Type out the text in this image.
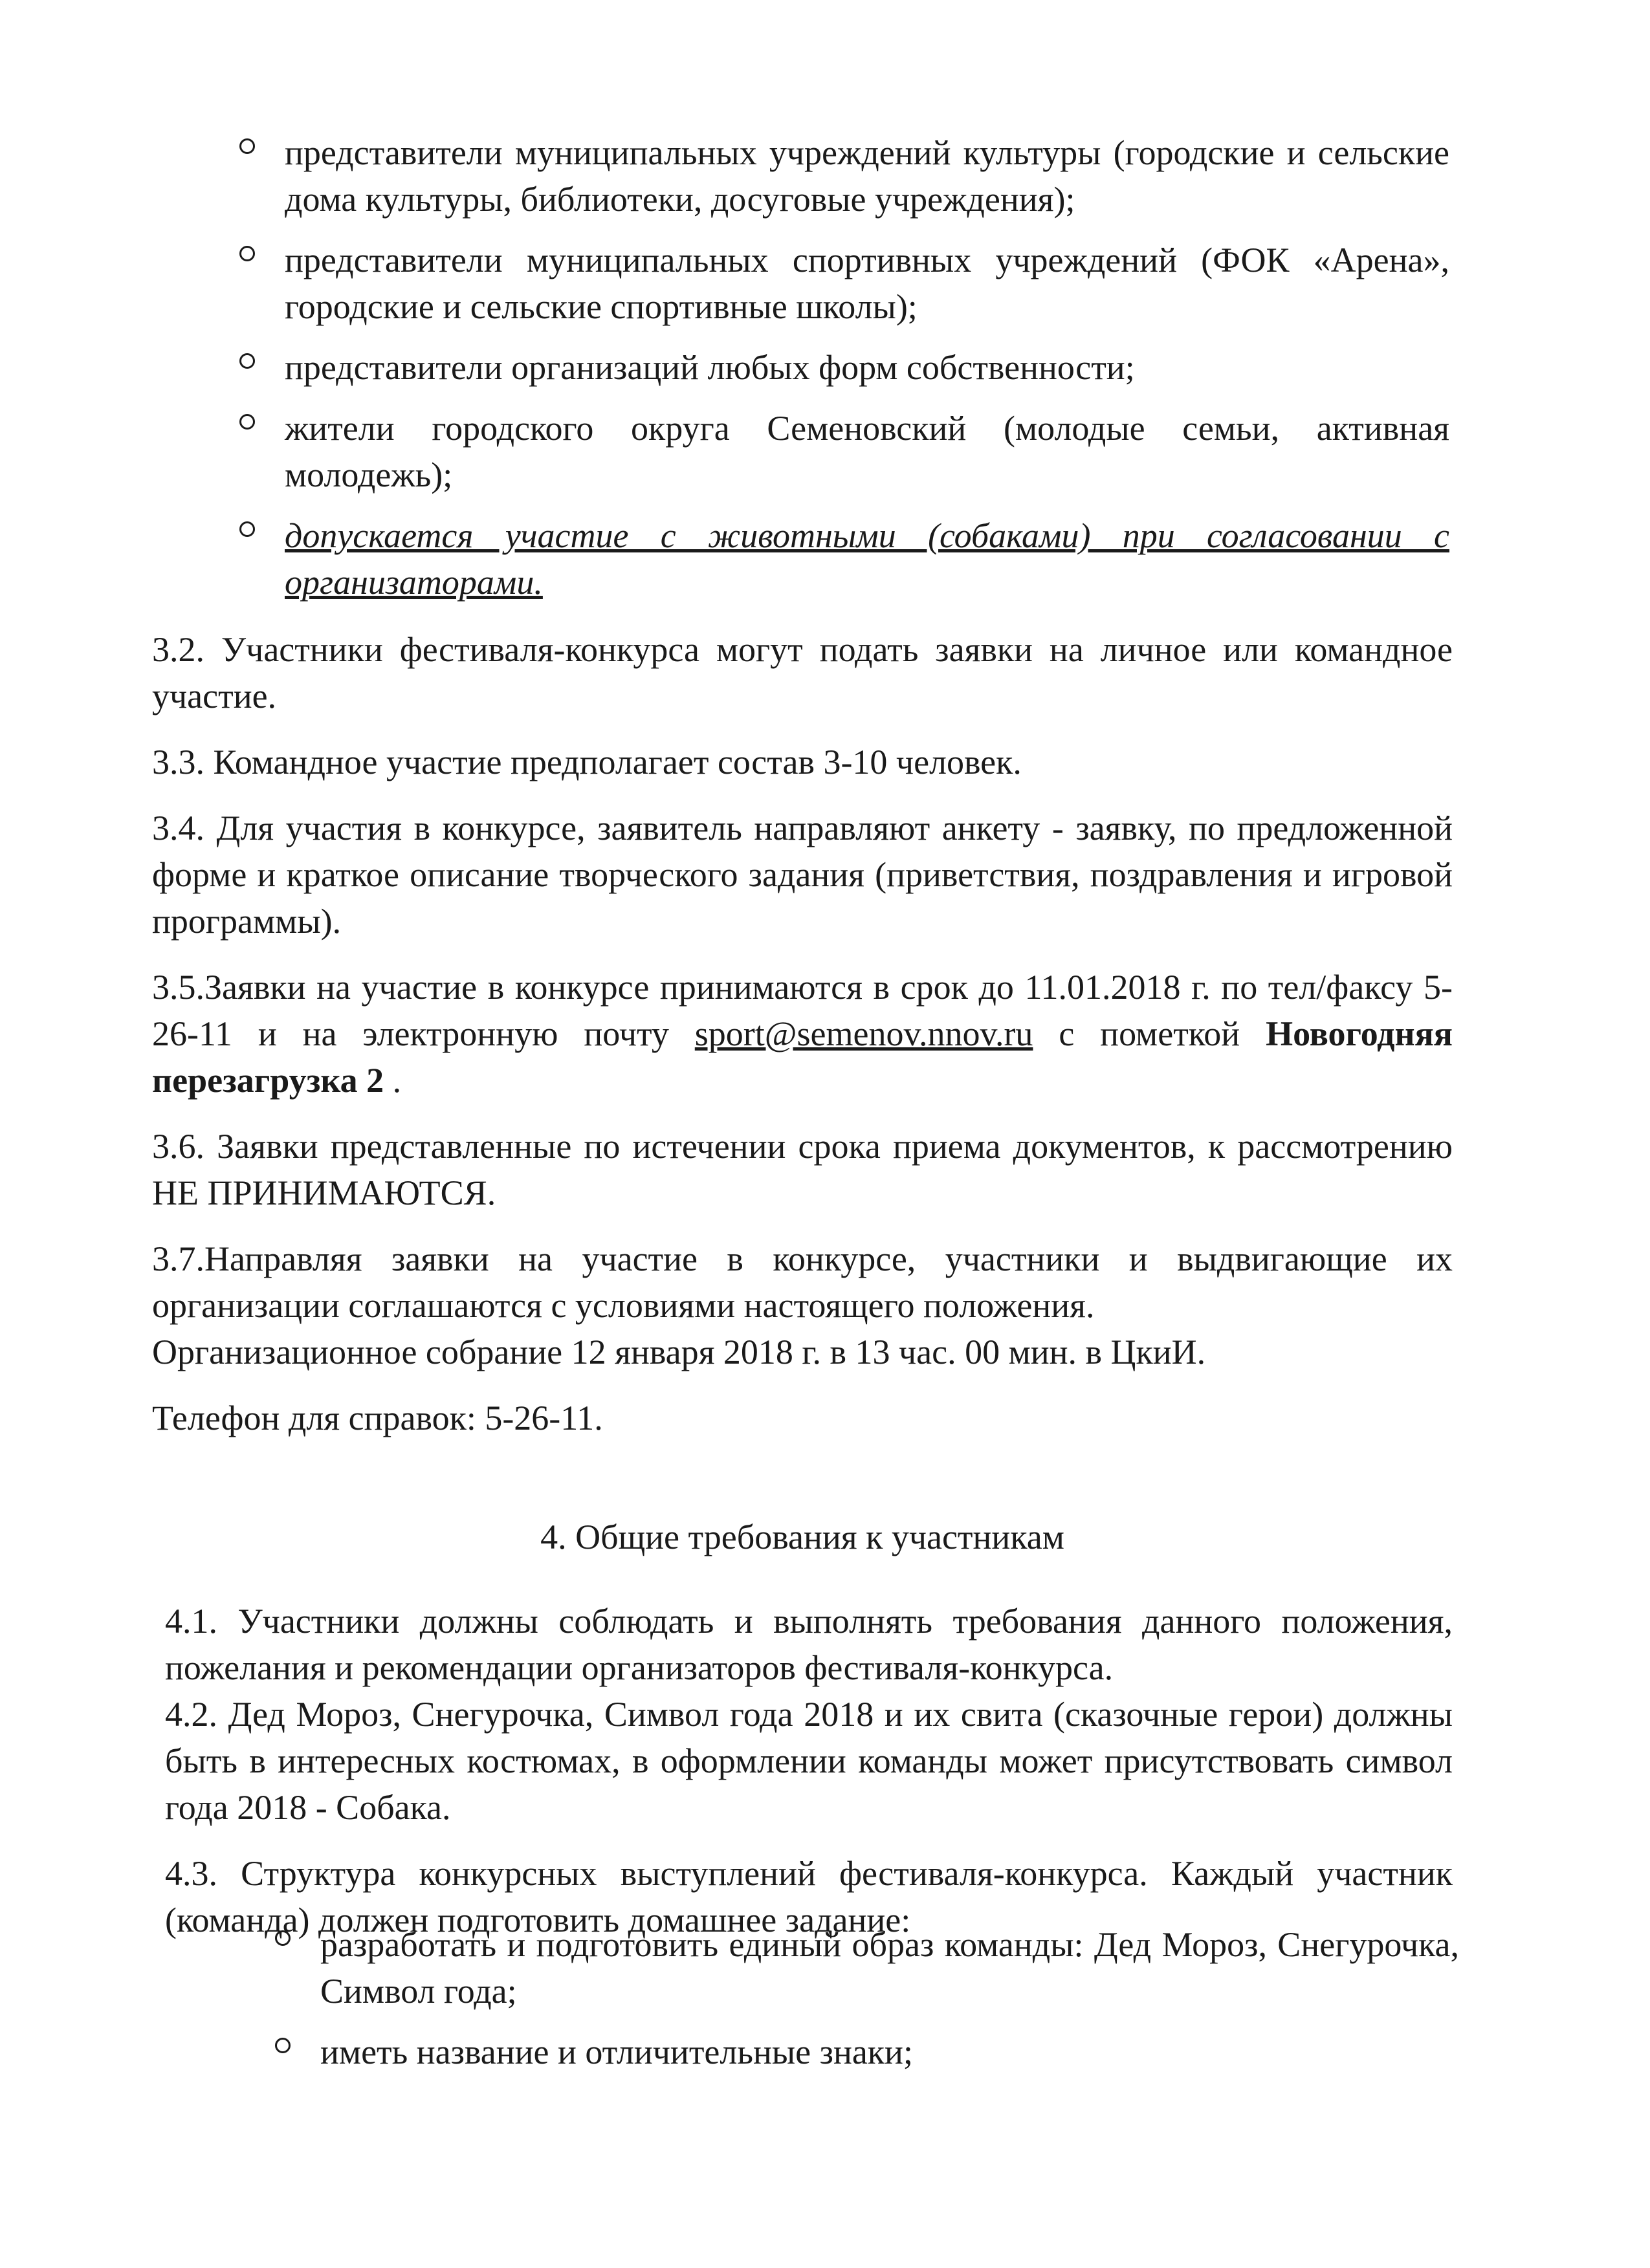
представители муниципальных учреждений культуры (городские и сельские дома культуры, библиотеки, досуговые учреждения);
представители муниципальных спортивных учреждений (ФОК «Арена», городские и сельские спортивные школы);
представители организаций любых форм собственности;
жители городского округа Семеновский (молодые семьи, активная молодежь);
допускается участие с животными (собаками) при согласовании с организаторами.

3.2. Участники фестиваля-конкурса могут подать заявки на личное или командное участие.

3.3. Командное участие предполагает состав 3-10 человек.

3.4. Для участия в конкурсе, заявитель направляют анкету - заявку, по предложенной форме и краткое описание творческого задания (приветствия, поздравления и игровой программы).

3.5.Заявки на участие в конкурсе принимаются в срок до 11.01.2018 г. по тел/факсу 5-26-11 и на электронную почту sport@semenov.nnov.ru с пометкой Новогодняя перезагрузка 2 .

3.6. Заявки представленные по истечении срока приема документов, к рассмотрению НЕ ПРИНИМАЮТСЯ.

3.7.Направляя заявки на участие в конкурсе, участники и выдвигающие их организации соглашаются с условиями настоящего положения.

Организационное собрание 12 января 2018 г. в 13 час. 00 мин. в ЦкиИ.

Телефон для справок: 5-26-11.

4. Общие требования к участникам

4.1. Участники должны соблюдать и выполнять требования данного положения, пожелания и рекомендации организаторов фестиваля-конкурса.

4.2. Дед Мороз, Снегурочка, Символ года 2018 и их свита (сказочные герои) должны быть в интересных костюмах, в оформлении команды может присутствовать символ года 2018 - Собака.

4.3. Структура конкурсных выступлений фестиваля-конкурса. Каждый участник (команда) должен подготовить домашнее задание:

разработать и подготовить единый образ команды: Дед Мороз, Снегурочка, Символ года;
иметь название и отличительные знаки;
